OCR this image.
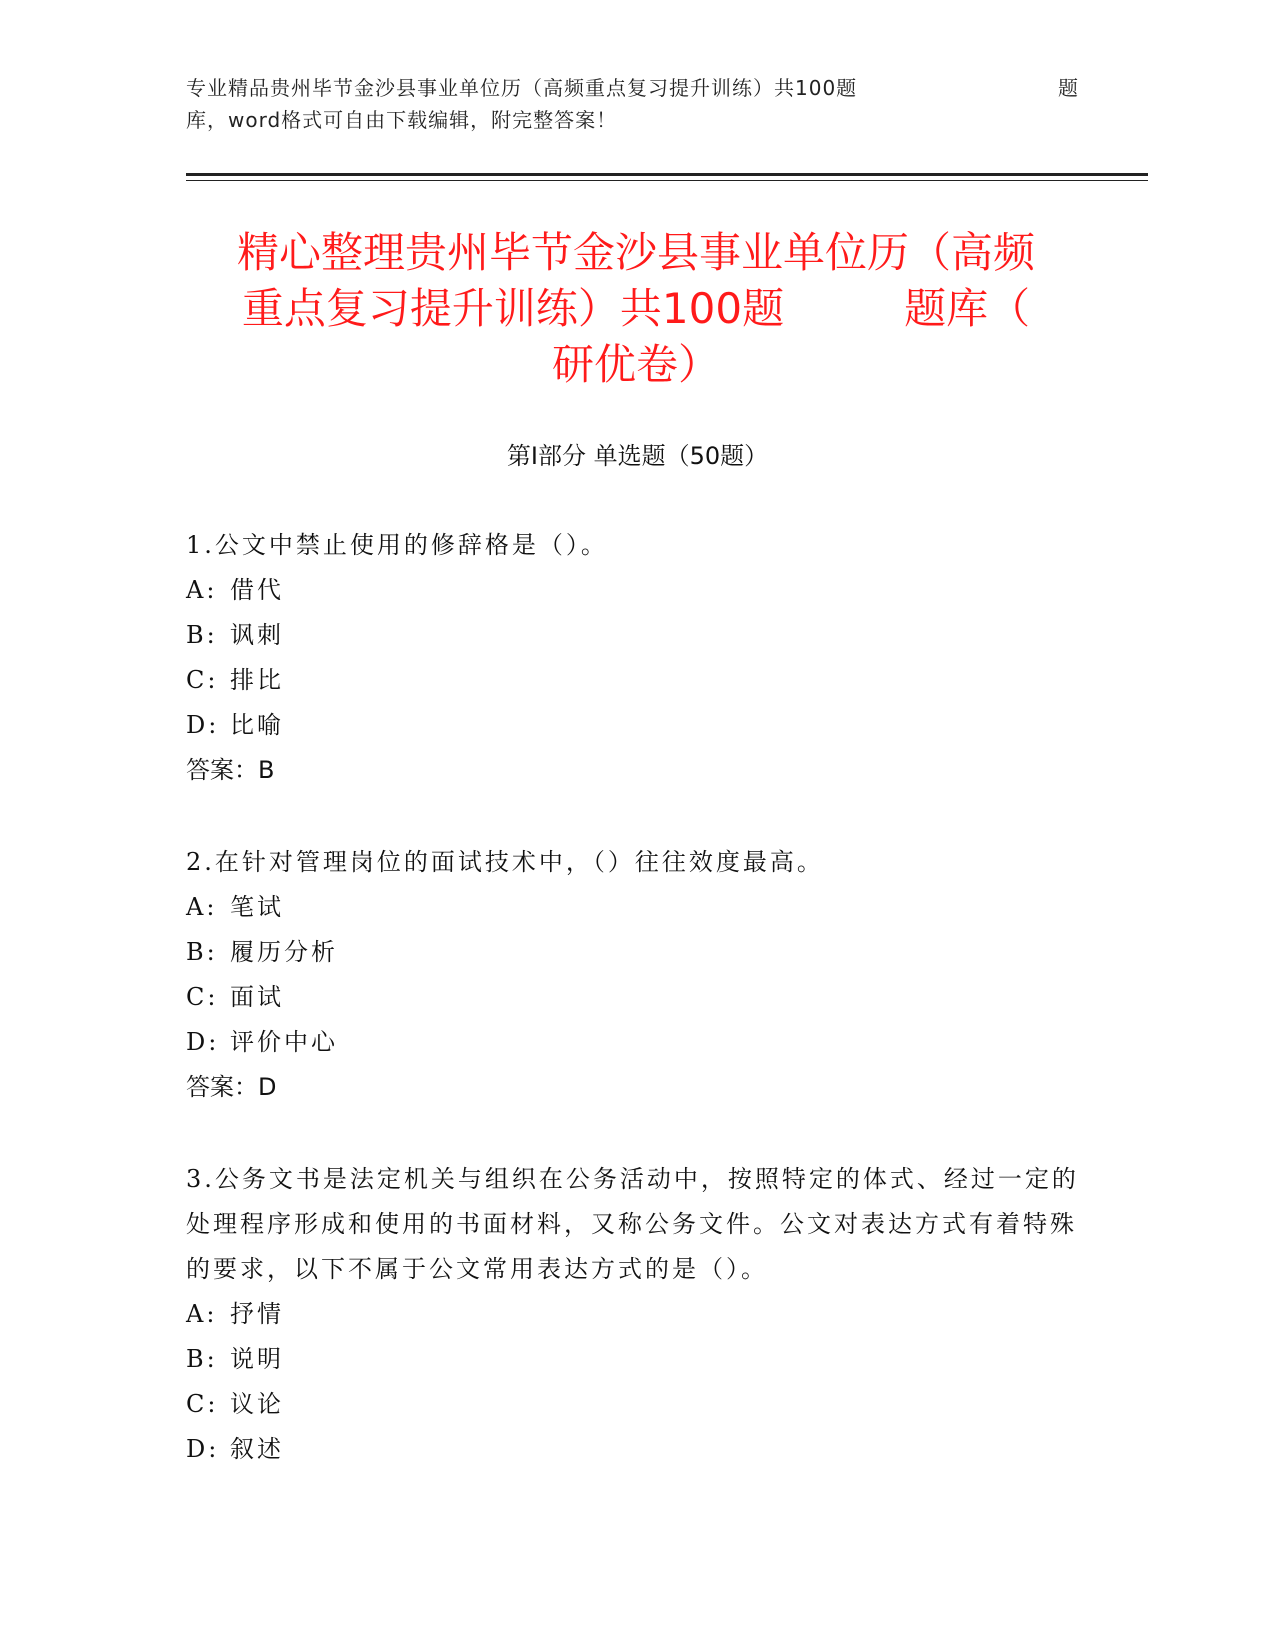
专业精品贵州毕节金沙县事业单位历（高频重点复习提升训练）共100题	题
库，word格式可自由下载编辑，附完整答案！
精心整理贵州毕节金沙县事业单位历（高频
重点复习提升训练）共100题	题库（
研优卷）
第Ⅰ部分 单选题（50题）
1.公文中禁止使用的修辞格是（）。
A: 借代
B: 讽刺
C: 排比
D: 比喻
答案：B
2.在针对管理岗位的面试技术中，（）往往效度最高。
A: 笔试
B: 履历分析
C: 面试
D: 评价中心
答案：D
3.公务文书是法定机关与组织在公务活动中，按照特定的体式、经过一定的处理程序形成和使用的书面材料，又称公务文件。公文对表达方式有着特殊的要求，以下不属于公文常用表达方式的是（）。
A: 抒情
B: 说明
C: 议论
D: 叙述
